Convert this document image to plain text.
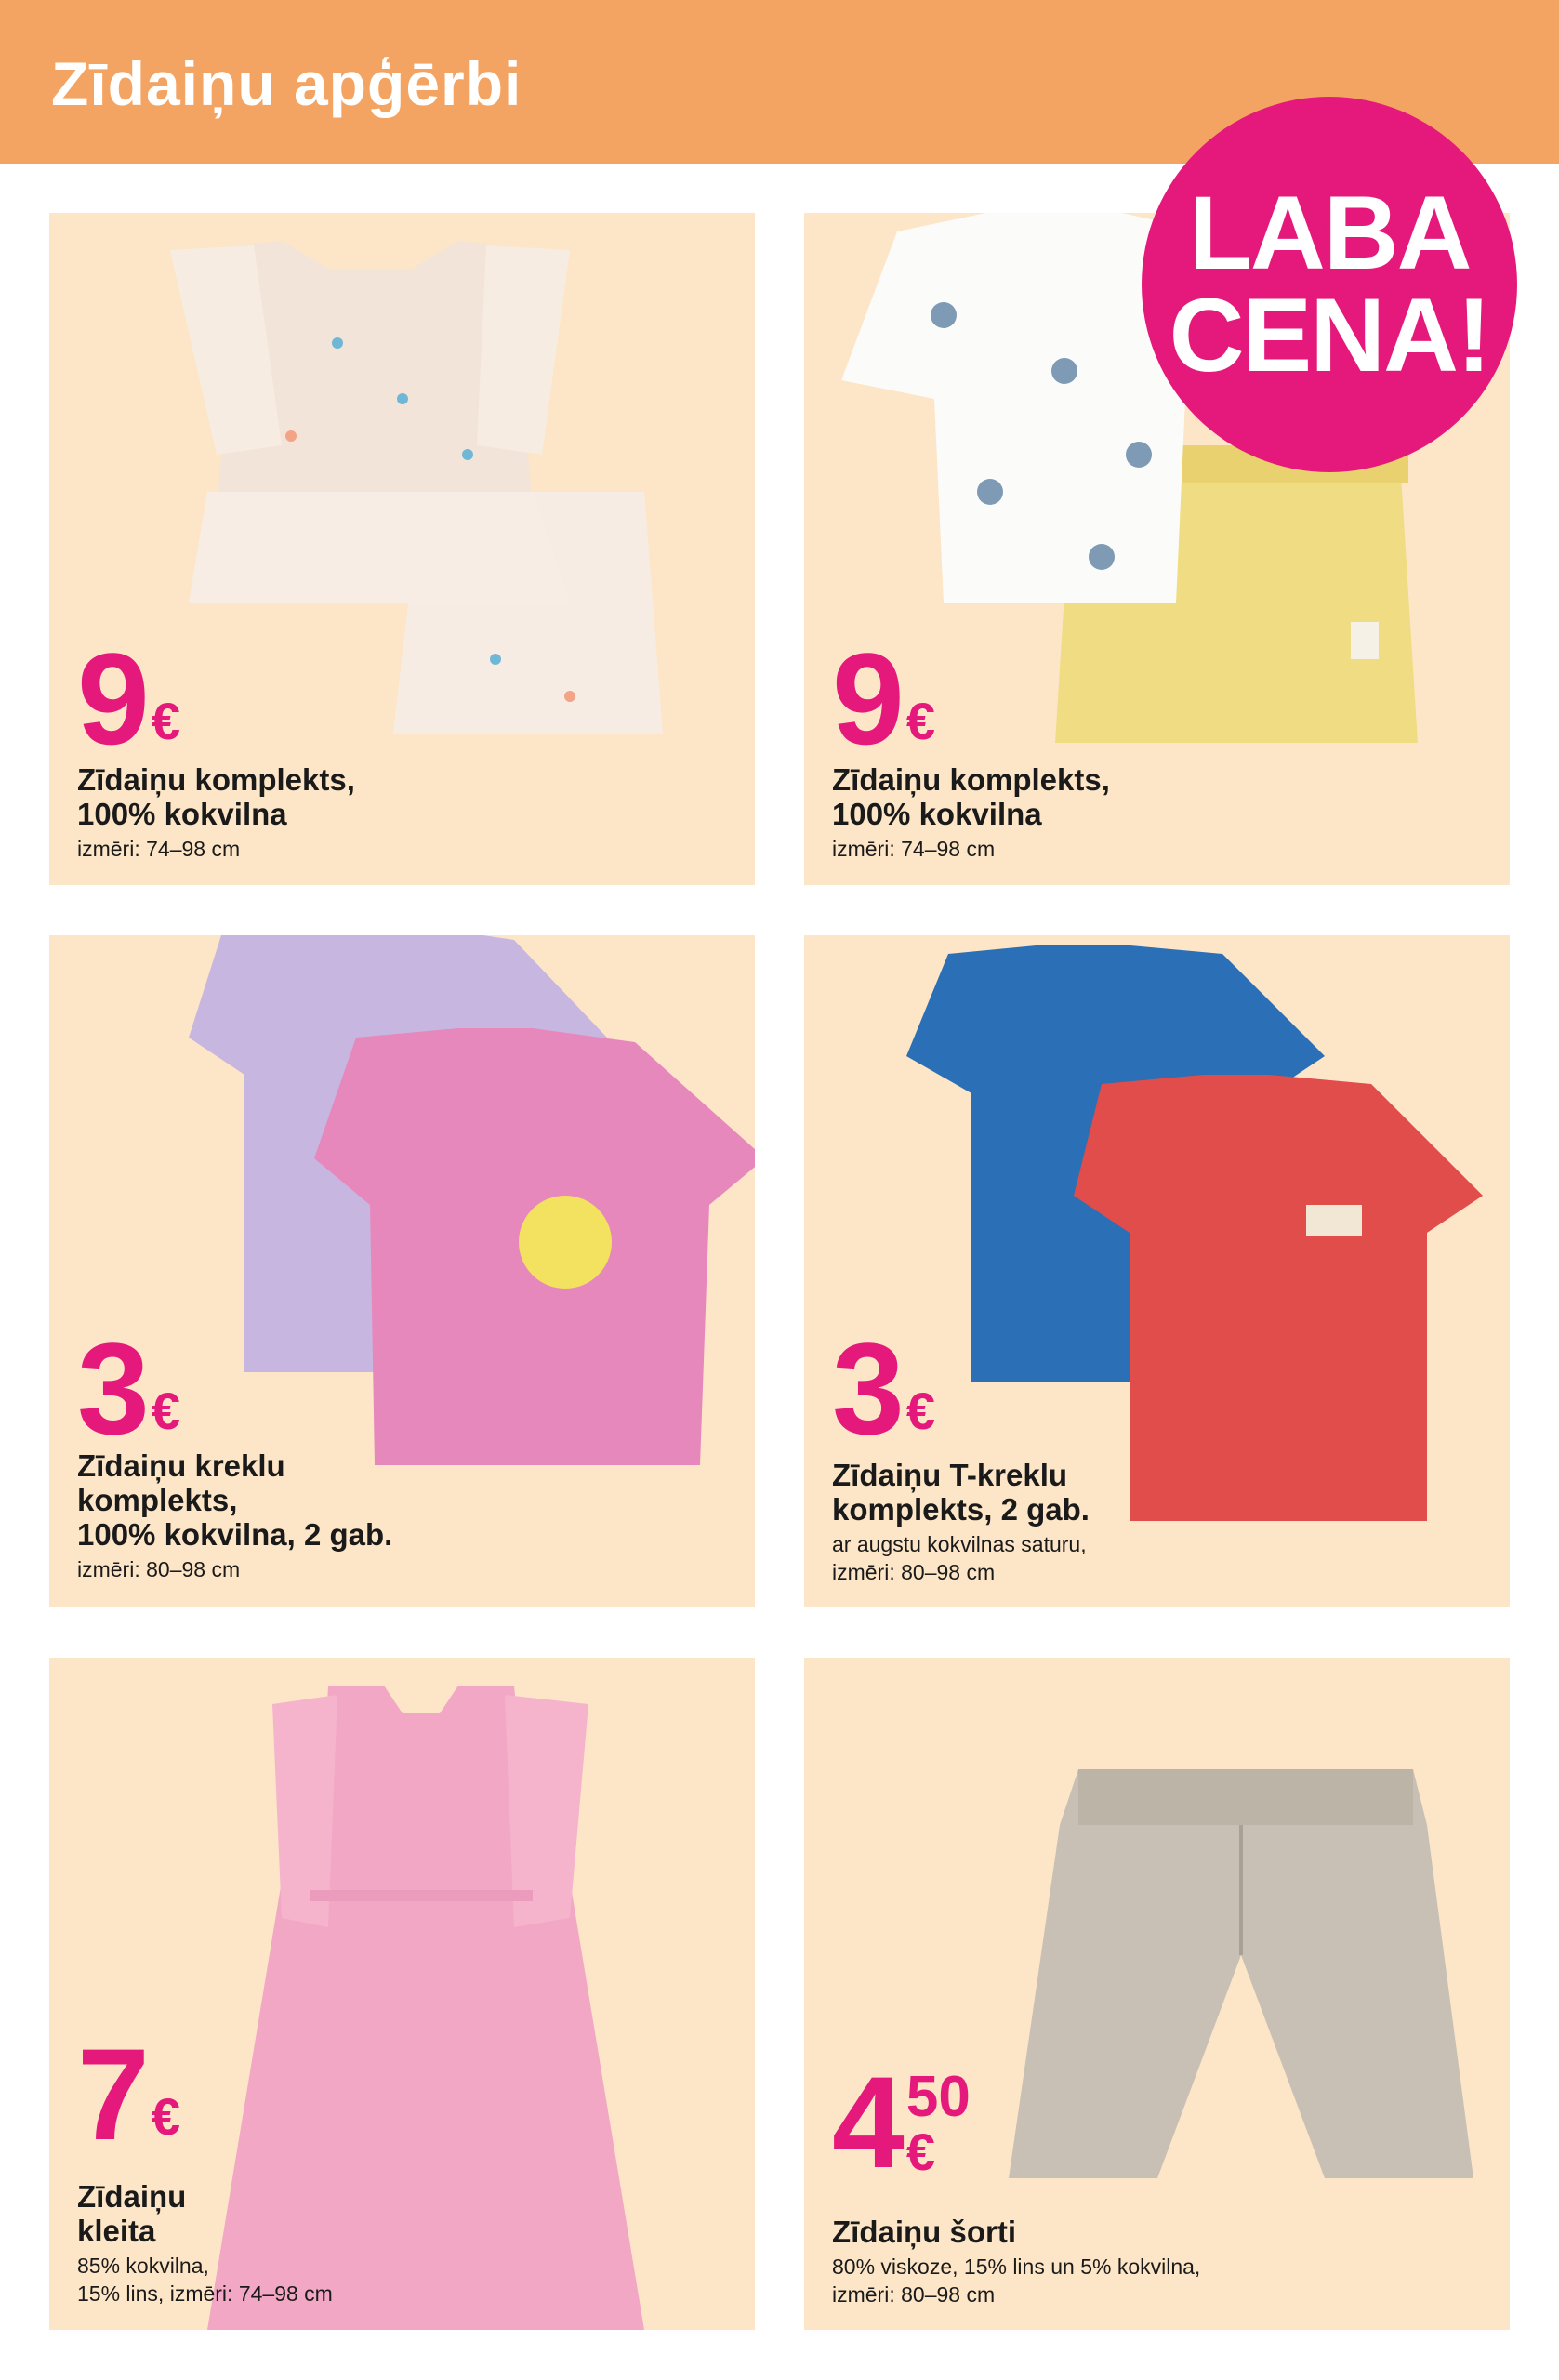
Zīdaiņu apģērbi
LABA
CENA!
9 €
Zīdaiņu komplekts,
100% kokvilna
izmēri: 74–98 cm
9 €
Zīdaiņu komplekts,
100% kokvilna
izmēri: 74–98 cm
3 €
Zīdaiņu kreklu
komplekts,
100% kokvilna, 2 gab.
izmēri: 80–98 cm
3 €
Zīdaiņu T-kreklu
komplekts, 2 gab.
ar augstu kokvilnas saturu,
izmēri: 80–98 cm
7 €
Zīdaiņu
kleita
85% kokvilna,
15% lins, izmēri: 74–98 cm
4 50
€
Zīdaiņu šorti
80% viskoze, 15% lins un 5% kokvilna,
izmēri: 80–98 cm
